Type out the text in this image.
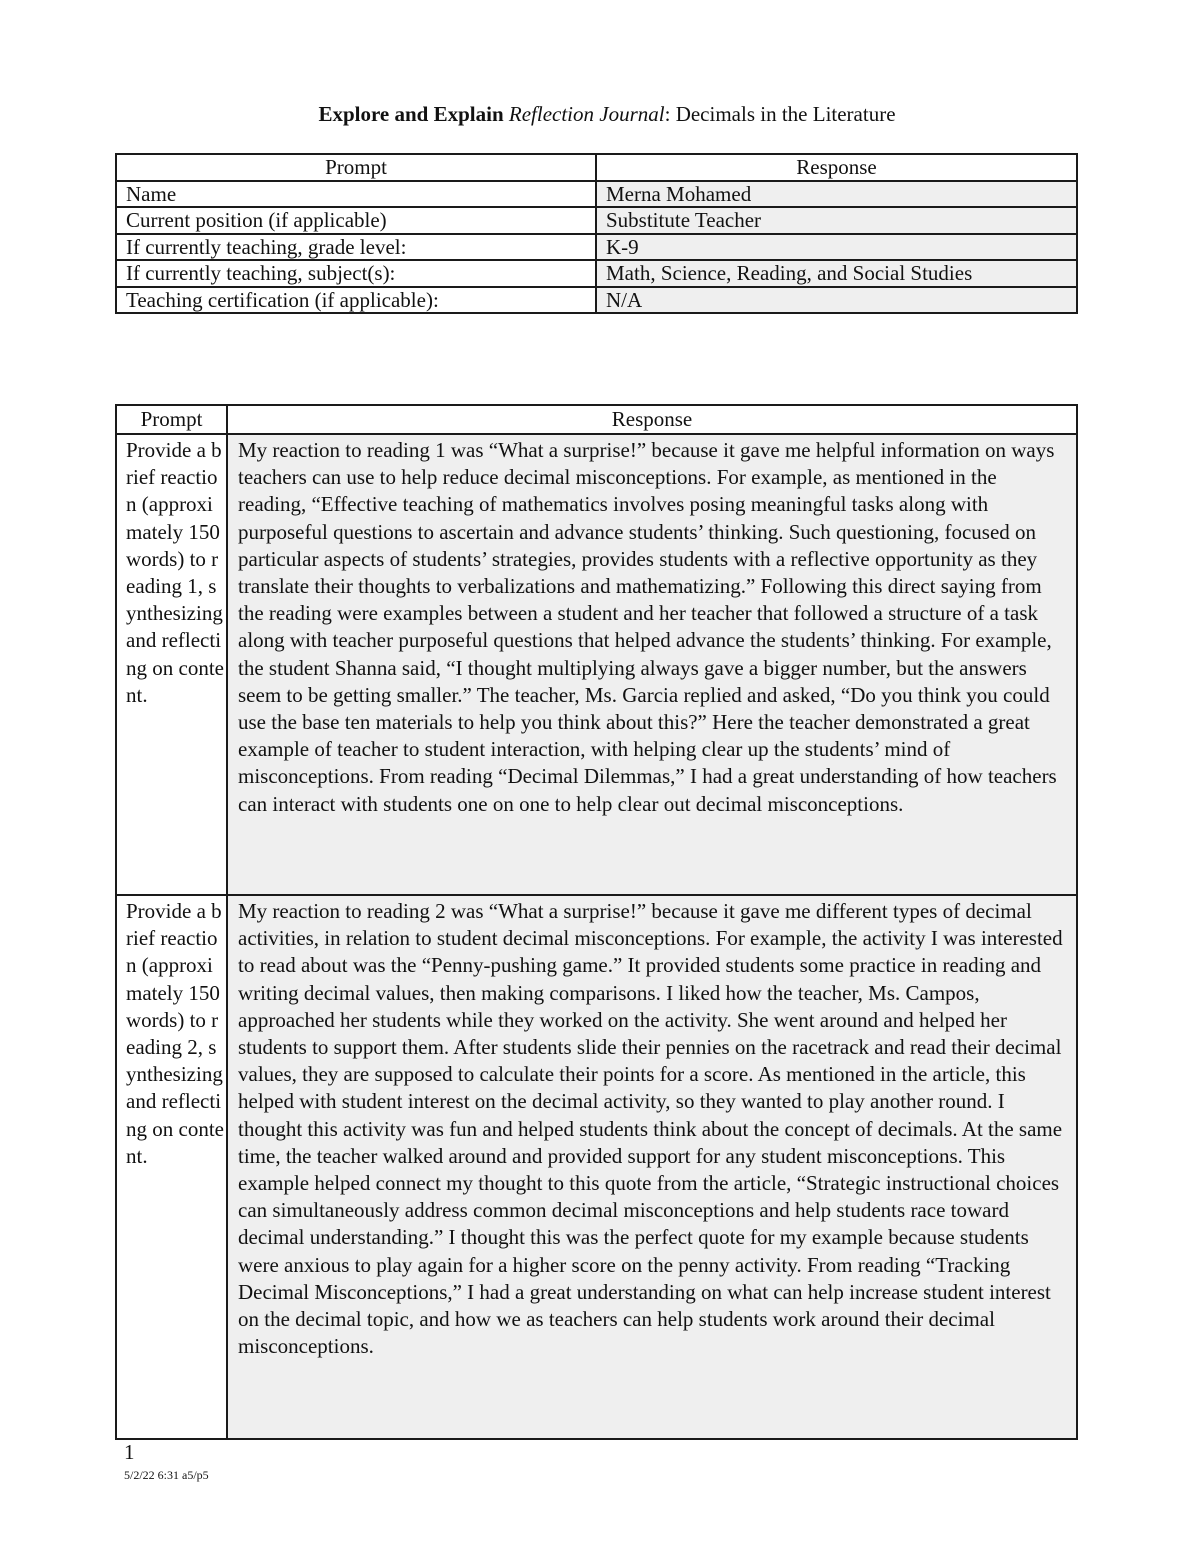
Explore and Explain Reflection Journal: Decimals in the Literature
Prompt	Response
Name	Merna Mohamed
Current position (if applicable)	Substitute Teacher
If currently teaching, grade level:	K-9
If currently teaching, subject(s):	Math, Science, Reading, and Social Studies
Teaching certification (if applicable):	N/A
Prompt	Response
Provide a brief reaction (approximately 150 words) to reading 1, synthesizing and reflecting on content.	My reaction to reading 1 was “What a surprise!” because it gave me helpful information on ways teachers can use to help reduce decimal misconceptions. For example, as mentioned in the reading, “Effective teaching of mathematics involves posing meaningful tasks along with purposeful questions to ascertain and advance students’ thinking. Such questioning, focused on particular aspects of students’ strategies, provides students with a reflective opportunity as they translate their thoughts to verbalizations and mathematizing.” Following this direct saying from the reading were examples between a student and her teacher that followed a structure of a task along with teacher purposeful questions that helped advance the students’ thinking. For example, the student Shanna said, “I thought multiplying always gave a bigger number, but the answers seem to be getting smaller.” The teacher, Ms. Garcia replied and asked, “Do you think you could use the base ten materials to help you think about this?” Here the teacher demonstrated a great example of teacher to student interaction, with helping clear up the students’ mind of misconceptions. From reading “Decimal Dilemmas,” I had a great understanding of how teachers can interact with students one on one to help clear out decimal misconceptions.
Provide a brief reaction (approximately 150 words) to reading 2, synthesizing and reflecting on content.	My reaction to reading 2 was “What a surprise!” because it gave me different types of decimal activities, in relation to student decimal misconceptions. For example, the activity I was interested to read about was the “Penny-pushing game.” It provided students some practice in reading and writing decimal values, then making comparisons. I liked how the teacher, Ms. Campos, approached her students while they worked on the activity. She went around and helped her students to support them. After students slide their pennies on the racetrack and read their decimal values, they are supposed to calculate their points for a score. As mentioned in the article, this helped with student interest on the decimal activity, so they wanted to play another round. I thought this activity was fun and helped students think about the concept of decimals. At the same time, the teacher walked around and provided support for any student misconceptions. This example helped connect my thought to this quote from the article, “Strategic instructional choices can simultaneously address common decimal misconceptions and help students race toward decimal understanding.” I thought this was the perfect quote for my example because students were anxious to play again for a higher score on the penny activity. From reading “Tracking Decimal Misconceptions,” I had a great understanding on what can help increase student interest on the decimal topic, and how we as teachers can help students work around their decimal misconceptions.
1
5/2/22 6:31 a5/p5
